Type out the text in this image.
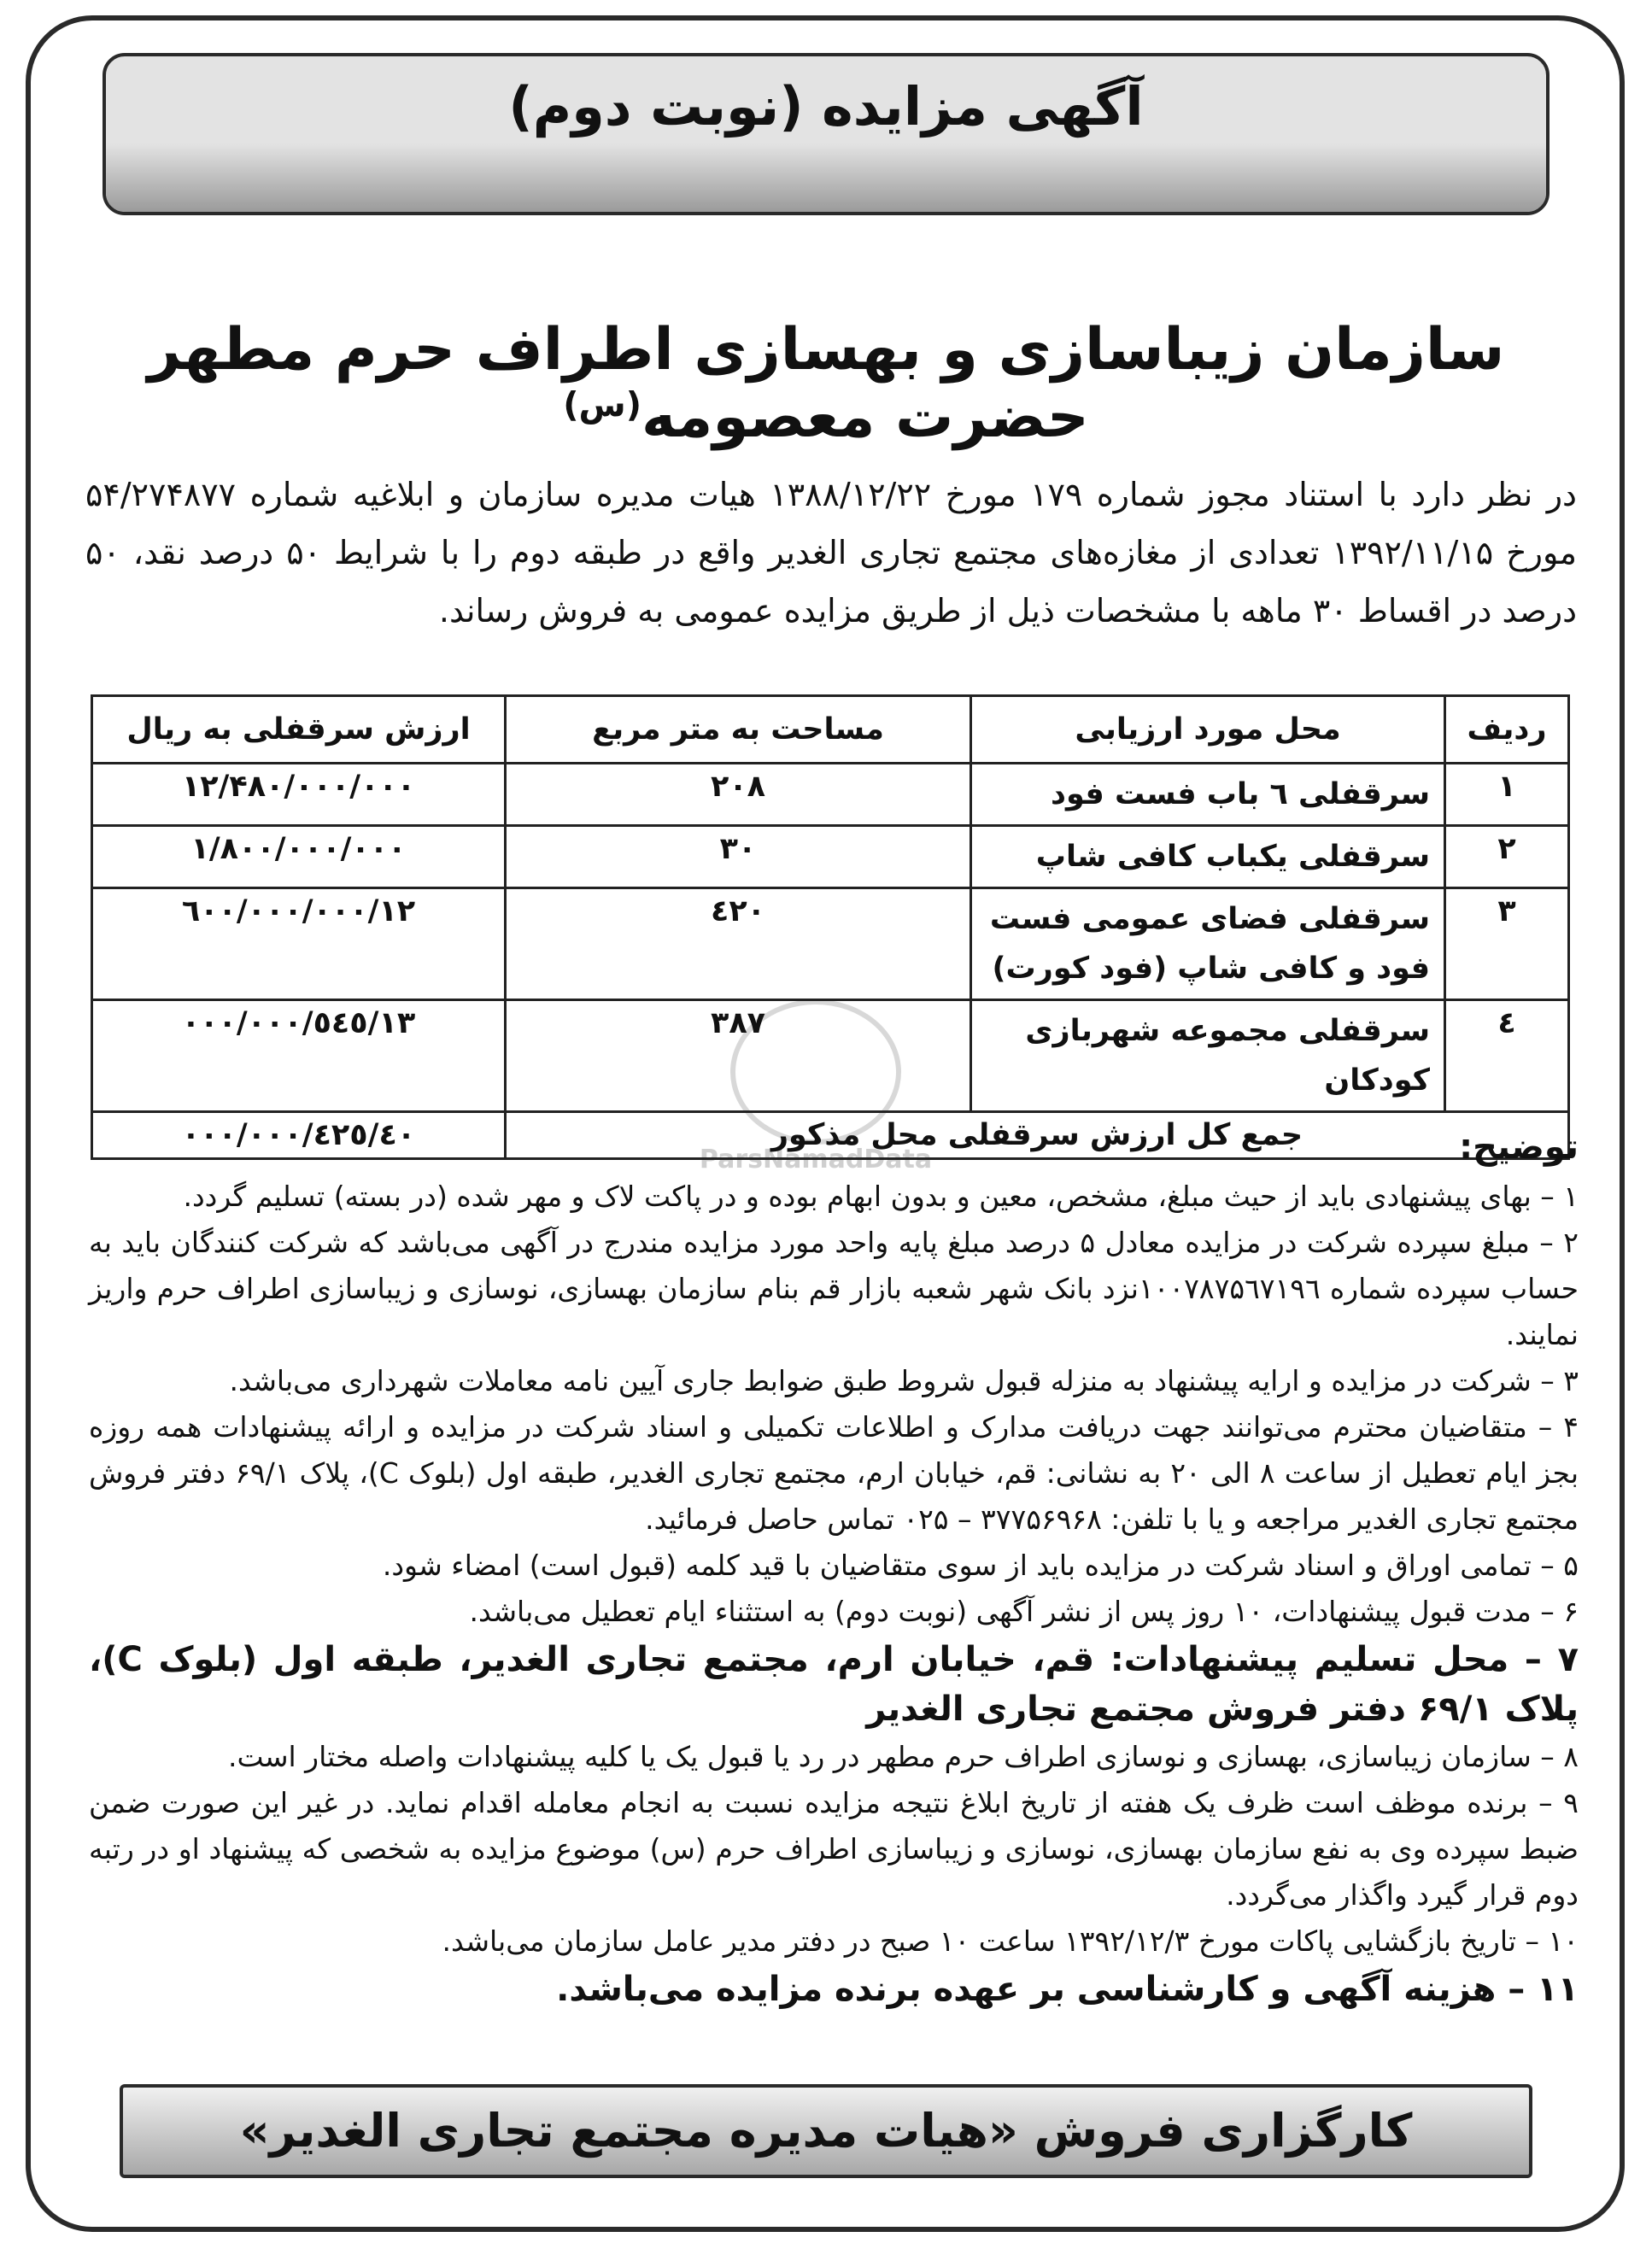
آگهی مزایده (نوبت دوم)
سازمان زیباسازی و بهسازی اطراف حرم مطهر حضرت معصومه$^{(س)}$
در نظر دارد با استناد مجوز شماره ۱۷۹ مورخ ۱۳۸۸/۱۲/۲۲ هیات مدیره سازمان و ابلاغیه شماره ۵۴/۲۷۴۸۷۷ مورخ ۱۳۹۲/۱۱/۱۵ تعدادی از مغازه‌های مجتمع تجاری الغدیر واقع در طبقه دوم را با شرایط ۵۰ درصد نقد، ۵۰ درصد در اقساط ۳۰ ماهه با مشخصات ذیل از طریق مزایده عمومی به فروش رساند.
ParsNamadData
ردیف	محل مورد ارزیابی	مساحت به متر مربع	ارزش سرقفلی به ریال
۱	سرقفلی ٦ باب فست فود	۲۰۸	۱۲/۴۸۰/۰۰۰/۰۰۰
۲	سرقفلی یکباب کافی شاپ	۳۰	۱/۸۰۰/۰۰۰/۰۰۰
۳	سرقفلی فضای عمومی فست فود و کافی شاپ (فود کورت)	٤۲۰	۱۲/٦۰۰/۰۰۰/۰۰۰
٤	سرقفلی مجموعه شهربازی کودکان	۳۸۷	۱۳/٥٤٥/۰۰۰/۰۰۰
جمع کل ارزش سرقفلی محل مذکور			٤۰/٤۲٥/۰۰۰/۰۰۰	توضیح:

۱ – بهای پیشنهادی باید از حیث مبلغ، مشخص، معین و بدون ابهام بوده و در پاکت لاک و مهر شده (در بسته) تسلیم گردد.

۲ – مبلغ سپرده شرکت در مزایده معادل ۵ درصد مبلغ پایه واحد مورد مزایده مندرج در آگهی می‌باشد که شرکت کنندگان باید به حساب سپرده شماره ۱۰۰۷۸۷۵٦۷۱۹٦نزد بانک شهر شعبه بازار قم بنام سازمان بهسازی، نوسازی و زیباسازی اطراف حرم واریز نمایند.

۳ – شرکت در مزایده و ارایه پیشنهاد به منزله قبول شروط طبق ضوابط جاری آیین نامه معاملات شهرداری می‌باشد.

۴ – متقاضیان محترم می‌توانند جهت دریافت مدارک و اطلاعات تکمیلی و اسناد شرکت در مزایده و ارائه پیشنهادات همه روزه بجز ایام تعطیل از ساعت ۸ الی ۲۰ به نشانی: قم، خیابان ارم، مجتمع تجاری الغدیر، طبقه اول (بلوک C)، پلاک ۶۹/۱ دفتر فروش مجتمع تجاری الغدیر مراجعه و یا با تلفن: ۳۷۷۵۶۹۶۸ – ۰۲۵ تماس حاصل فرمائید.

۵ – تمامی اوراق و اسناد شرکت در مزایده باید از سوی متقاضیان با قید کلمه (قبول است) امضاء شود.

۶ – مدت قبول پیشنهادات، ۱۰ روز پس از نشر آگهی (نوبت دوم) به استثناء ایام تعطیل می‌باشد.

۷ – محل تسلیم پیشنهادات: قم، خیابان ارم، مجتمع تجاری الغدیر، طبقه اول (بلوک C)، پلاک ۶۹/۱ دفتر فروش مجتمع تجاری الغدیر

۸ – سازمان زیباسازی، بهسازی و نوسازی اطراف حرم مطهر در رد یا قبول یک یا کلیه پیشنهادات واصله مختار است.

۹ – برنده موظف است ظرف یک هفته از تاریخ ابلاغ نتیجه مزایده نسبت به انجام معامله اقدام نماید. در غیر این صورت ضمن ضبط سپرده وی به نفع سازمان بهسازی، نوسازی و زیباسازی اطراف حرم (س) موضوع مزایده به شخصی که پیشنهاد او در رتبه دوم قرار گیرد واگذار می‌گردد.

۱۰ – تاریخ بازگشایی پاکات مورخ ۱۳۹۲/۱۲/۳ ساعت ۱۰ صبح در دفتر مدیر عامل سازمان می‌باشد.

۱۱ – هزینه آگهی و کارشناسی بر عهده برنده مزایده می‌باشد.

کارگزاری فروش «هیات مدیره مجتمع تجاری الغدیر»
